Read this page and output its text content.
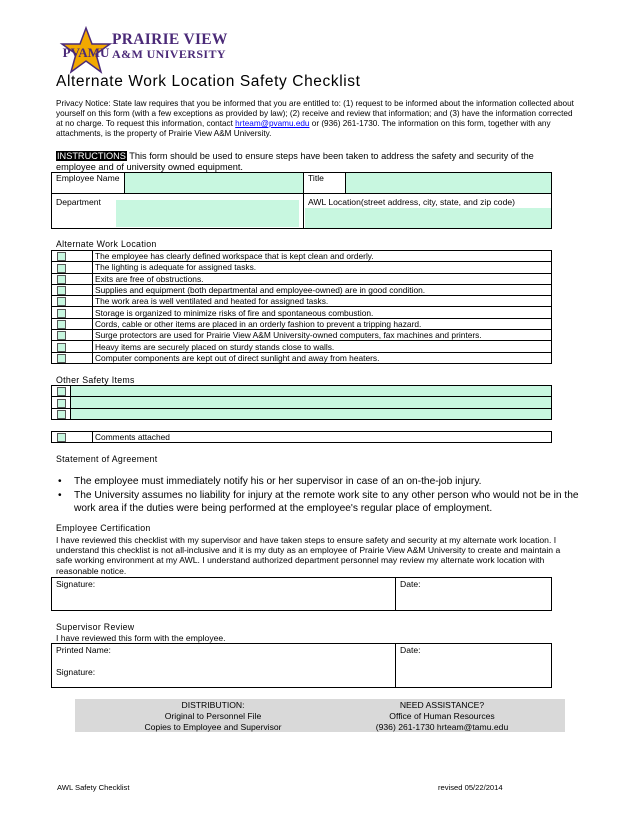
PVAMU
PRAIRIE VIEW
A&M UNIVERSITY
Alternate Work Location Safety Checklist
Privacy Notice: State law requires that you be informed that you are entitled to: (1) request to be informed about the information collected about yourself on this form (with a few exceptions as provided by law); (2) receive and review that information; and (3) have the information corrected at no charge. To request this information, contact hrteam@pvamu.edu or (936) 261-1730. The information on this form, together with any attachments, is the property of Prairie View A&M University.
INSTRUCTIONS This form should be used to ensure steps have been taken to address the safety and security of the employee and of university owned equipment.
Employee Name		Title	

Department		AWL Location(street address, city, state, and zip code)	
Alternate Work Location
	The employee has clearly defined workspace that is kept clean and orderly.
	The lighting is adequate for assigned tasks.
	Exits are free of obstructions.
	Supplies and equipment (both departmental and employee-owned) are in good condition.
	The work area is well ventilated and heated for assigned tasks.
	Storage is organized to minimize risks of fire and spontaneous combustion.
	Cords, cable or other items are placed in an orderly fashion to prevent a tripping hazard.
	Surge protectors are used for Prairie View A&M University-owned computers, fax machines and printers.
	Heavy items are securely placed on sturdy stands close to walls.
	Computer components are kept out of direct sunlight and away from heaters.
Other Safety Items

	Comments attached
Statement of Agreement
• The employee must immediately notify his or her supervisor in case of an on-the-job injury.
• The University assumes no liability for injury at the remote work site to any other person who would not be in the work area if the duties were being performed at the employee's regular place of employment.
Employee Certification
I have reviewed this checklist with my supervisor and have taken steps to ensure safety and security at my alternate work location. I understand this checklist is not all-inclusive and it is my duty as an employee of Prairie View A&M University to create and maintain a safe working environment at my AWL. I understand authorized department personnel may review my alternate work location with reasonable notice.
Signature:	Date:
Supervisor Review
I have reviewed this form with the employee.
Printed Name:
Signature:
	Date:
DISTRIBUTION:
Original to Personnel File
Copies to Employee and Supervisor
NEED ASSISTANCE?
Office of Human Resources
(936) 261-1730 hrteam@tamu.edu
AWL Safety Checklist	revised 05/22/2014
